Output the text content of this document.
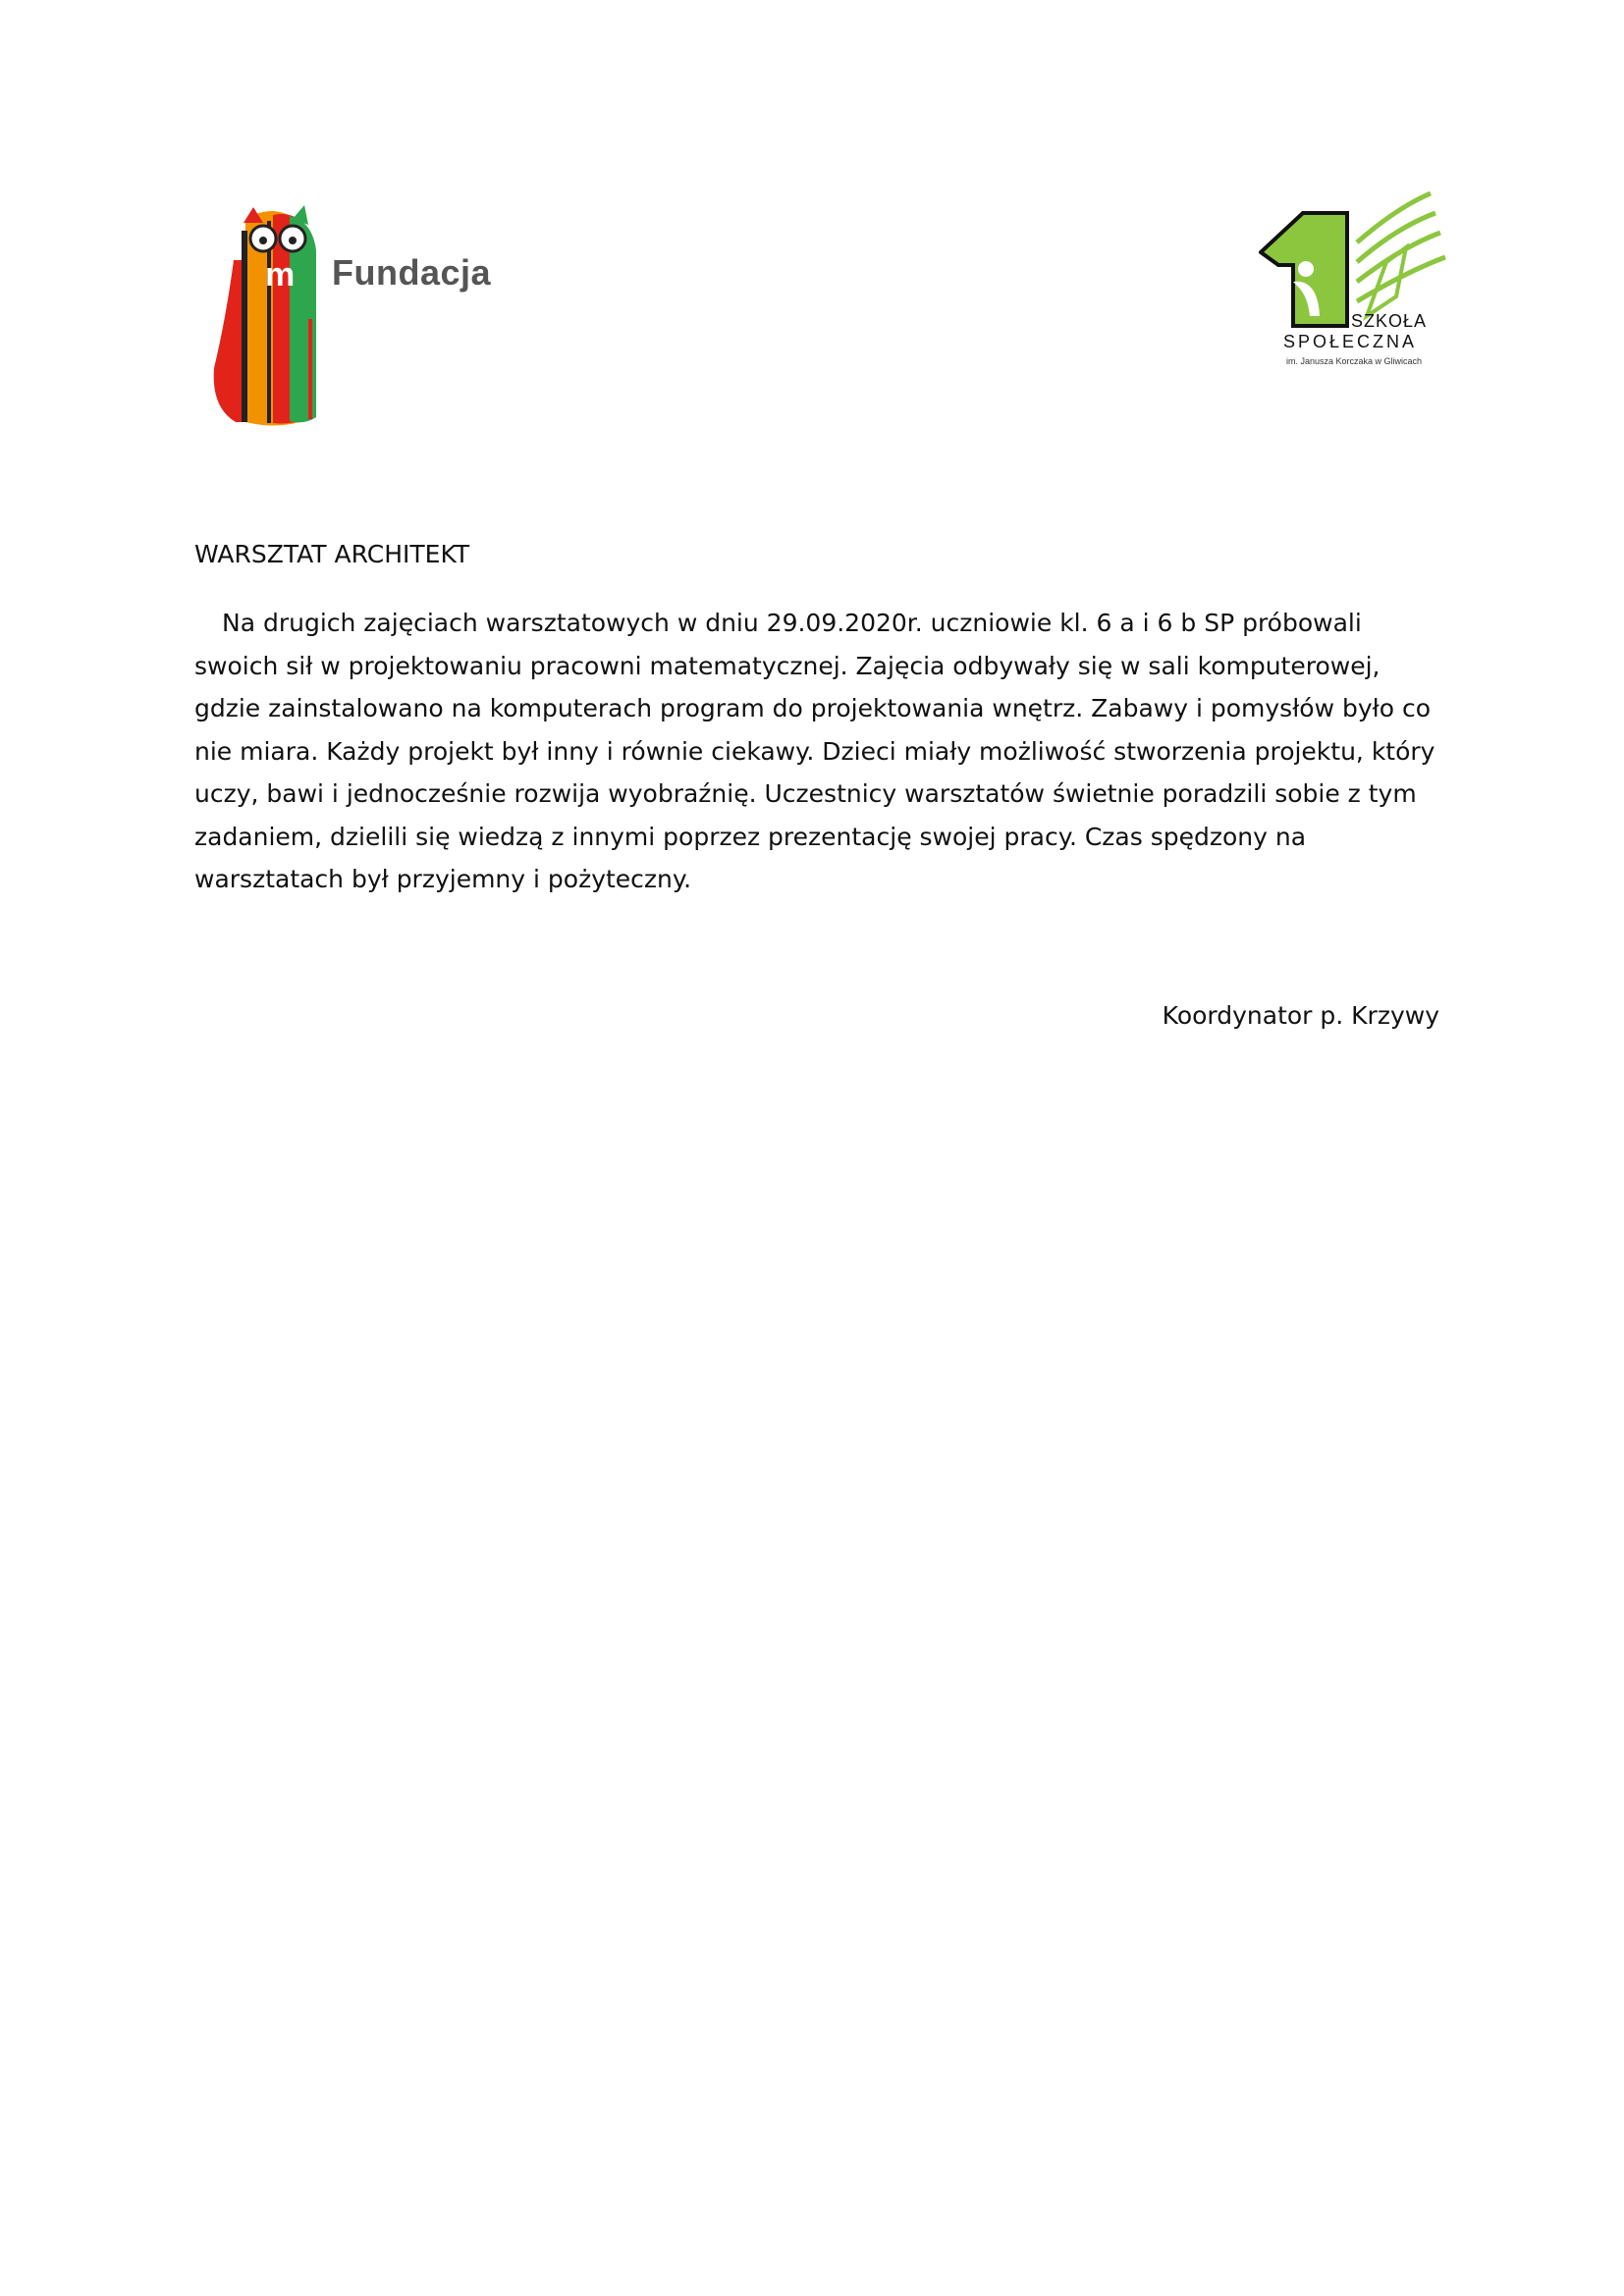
m Fundacja
SZKOŁA
SPOŁECZNA
im. Janusza Korczaka w Gliwicach
WARSZTAT ARCHITEKT

Na drugich zajęciach warsztatowych w dniu 29.09.2020r. uczniowie kl. 6 a i 6 b SP próbowali swoich sił w projektowaniu pracowni matematycznej. Zajęcia odbywały się w sali komputerowej, gdzie zainstalowano na komputerach program do projektowania wnętrz. Zabawy i pomysłów było co nie miara. Każdy projekt był inny i równie ciekawy. Dzieci miały możliwość stworzenia projektu, który uczy, bawi i jednocześnie rozwija wyobraźnię. Uczestnicy warsztatów świetnie poradzili sobie z tym zadaniem, dzielili się wiedzą z innymi poprzez prezentację swojej pracy. Czas spędzony na warsztatach był przyjemny i pożyteczny.

Koordynator p. Krzywy
